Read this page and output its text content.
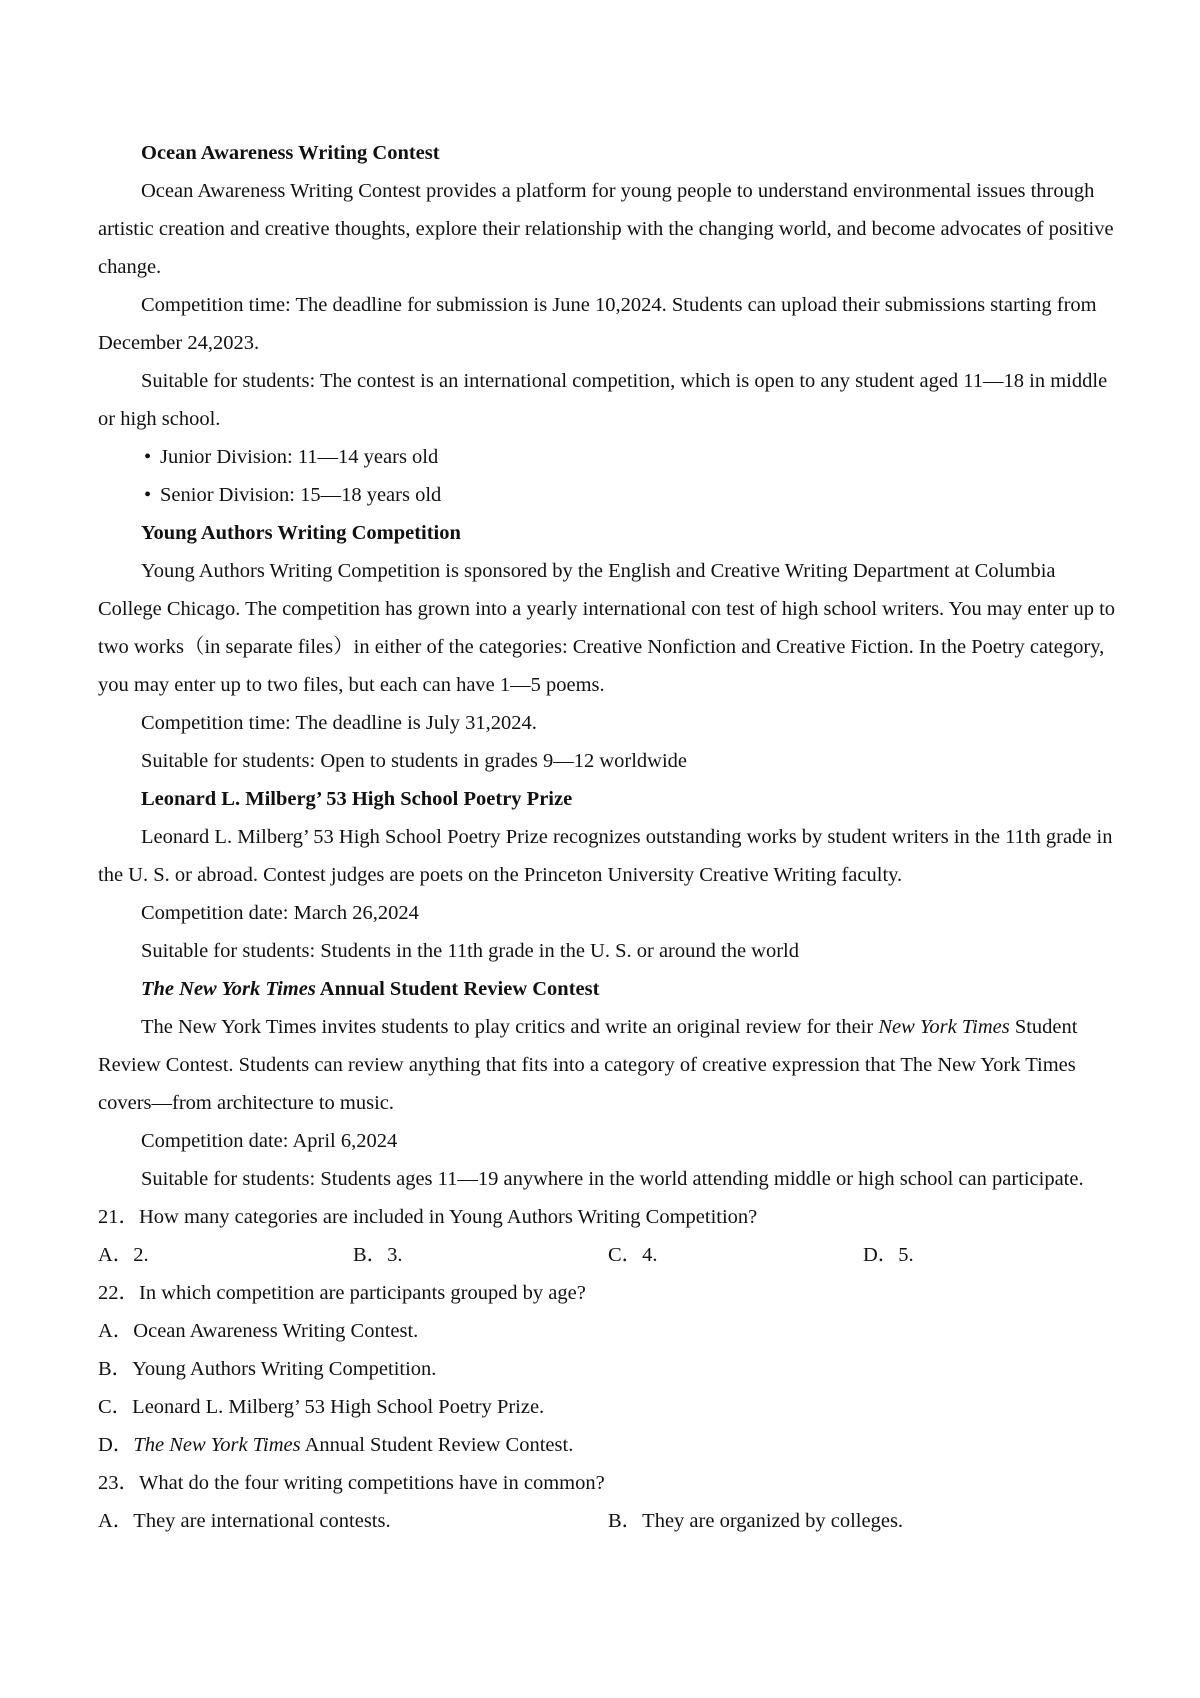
Ocean Awareness Writing Contest

Ocean Awareness Writing Contest provides a platform for young people to understand environmental issues through artistic creation and creative thoughts, explore their relationship with the changing world, and become advocates of positive change.

Competition time: The deadline for submission is June 10,2024. Students can upload their submissions starting from December 24,2023.

Suitable for students: The contest is an international competition, which is open to any student aged 11—18 in middle or high school.

• Junior Division: 11—14 years old

• Senior Division: 15—18 years old

Young Authors Writing Competition

Young Authors Writing Competition is sponsored by the English and Creative Writing Department at Columbia College Chicago. The competition has grown into a yearly international con test of high school writers. You may enter up to two works（in separate files）in either of the categories: Creative Nonfiction and Creative Fiction. In the Poetry category, you may enter up to two files, but each can have 1—5 poems.

Competition time: The deadline is July 31,2024.

Suitable for students: Open to students in grades 9—12 worldwide

Leonard L. Milberg’ 53 High School Poetry Prize

Leonard L. Milberg’ 53 High School Poetry Prize recognizes outstanding works by student writers in the 11th grade in the U. S. or abroad. Contest judges are poets on the Princeton University Creative Writing faculty.

Competition date: March 26,2024

Suitable for students: Students in the 11th grade in the U. S. or around the world

The New York Times Annual Student Review Contest

The New York Times invites students to play critics and write an original review for their New York Times Student Review Contest. Students can review anything that fits into a category of creative expression that The New York Times covers—from architecture to music.

Competition date: April 6,2024

Suitable for students: Students ages 11—19 anywhere in the world attending middle or high school can participate.

21．How many categories are included in Young Authors Writing Competition?

A．2.	B．3.	C．4.	D．5.

22．In which competition are participants grouped by age?

A．Ocean Awareness Writing Contest.

B．Young Authors Writing Competition.

C．Leonard L. Milberg’ 53 High School Poetry Prize.

D．The New York Times Annual Student Review Contest.

23．What do the four writing competitions have in common?

A．They are international contests.	B．They are organized by colleges.
